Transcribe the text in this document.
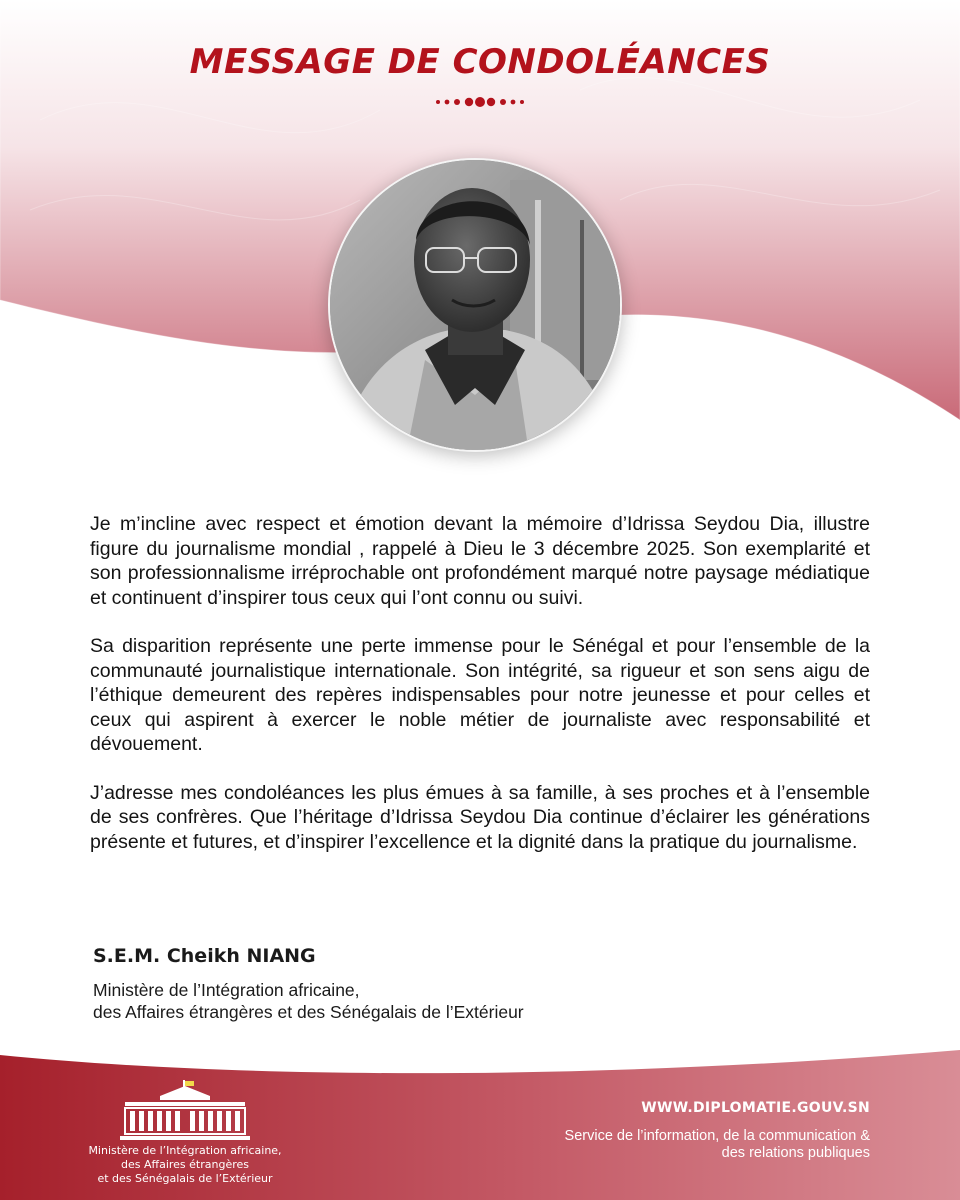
MESSAGE DE CONDOLÉANCES

Je m’incline avec respect et émotion devant la mémoire d’Idrissa Seydou Dia, illustre figure du journalisme mondial , rappelé à Dieu le 3 décembre 2025. Son exemplarité et son professionnalisme irréprochable ont profondément marqué notre paysage médiatique et continuent d’inspirer tous ceux qui l’ont connu ou suivi.

Sa disparition représente une perte immense pour le Sénégal et pour l’ensemble de la communauté journalistique internationale. Son intégrité, sa rigueur et son sens aigu de l’éthique demeurent des repères indispensables pour notre jeunesse et pour celles et ceux qui aspirent à exercer le noble métier de journaliste avec responsabilité et dévouement.

J’adresse mes condoléances les plus émues à sa famille, à ses proches et à l’ensemble de ses confrères. Que l’héritage d’Idrissa Seydou Dia continue d’éclairer les générations présente et futures, et d’inspirer l’excellence et la dignité dans la pratique du journalisme.

S.E.M. Cheikh NIANG
Ministère de l’Intégration africaine,
des Affaires étrangères et des Sénégalais de l’Extérieur
Ministère de l’Intégration africaine,
des Affaires étrangères
et des Sénégalais de l’Extérieur
WWW.DIPLOMATIE.GOUV.SN
Service de l’information, de la communication &
des relations publiques
